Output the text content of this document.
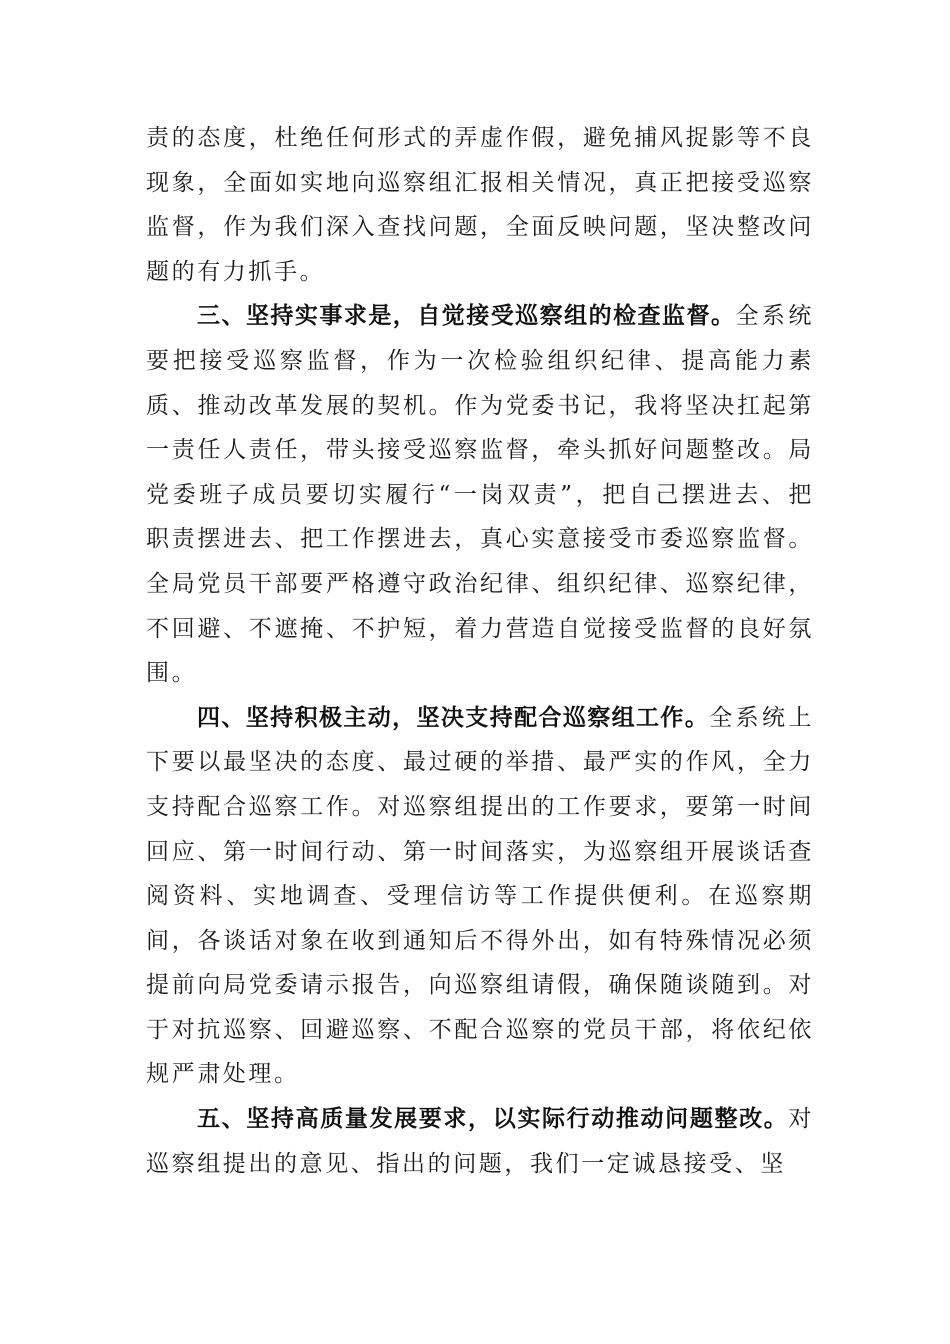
责的态度，杜绝任何形式的弄虚作假，避免捕风捉影等不良现象，全面如实地向巡察组汇报相关情况，真正把接受巡察监督，作为我们深入查找问题，全面反映问题，坚决整改问题的有力抓手。

三、坚持实事求是，自觉接受巡察组的检查监督。全系统要把接受巡察监督，作为一次检验组织纪律、提高能力素质、推动改革发展的契机。作为党委书记，我将坚决扛起第一责任人责任，带头接受巡察监督，牵头抓好问题整改。局党委班子成员要切实履行“一岗双责”，把自己摆进去、把职责摆进去、把工作摆进去，真心实意接受市委巡察监督。全局党员干部要严格遵守政治纪律、组织纪律、巡察纪律，不回避、不遮掩、不护短，着力营造自觉接受监督的良好氛围。

四、坚持积极主动，坚决支持配合巡察组工作。全系统上下要以最坚决的态度、最过硬的举措、最严实的作风，全力支持配合巡察工作。对巡察组提出的工作要求，要第一时间回应、第一时间行动、第一时间落实，为巡察组开展谈话查阅资料、实地调查、受理信访等工作提供便利。在巡察期间，各谈话对象在收到通知后不得外出，如有特殊情况必须提前向局党委请示报告，向巡察组请假，确保随谈随到。对于对抗巡察、回避巡察、不配合巡察的党员干部，将依纪依规严肃处理。

五、坚持高质量发展要求，以实际行动推动问题整改。对巡察组提出的意见、指出的问题，我们一定诚恳接受、坚
